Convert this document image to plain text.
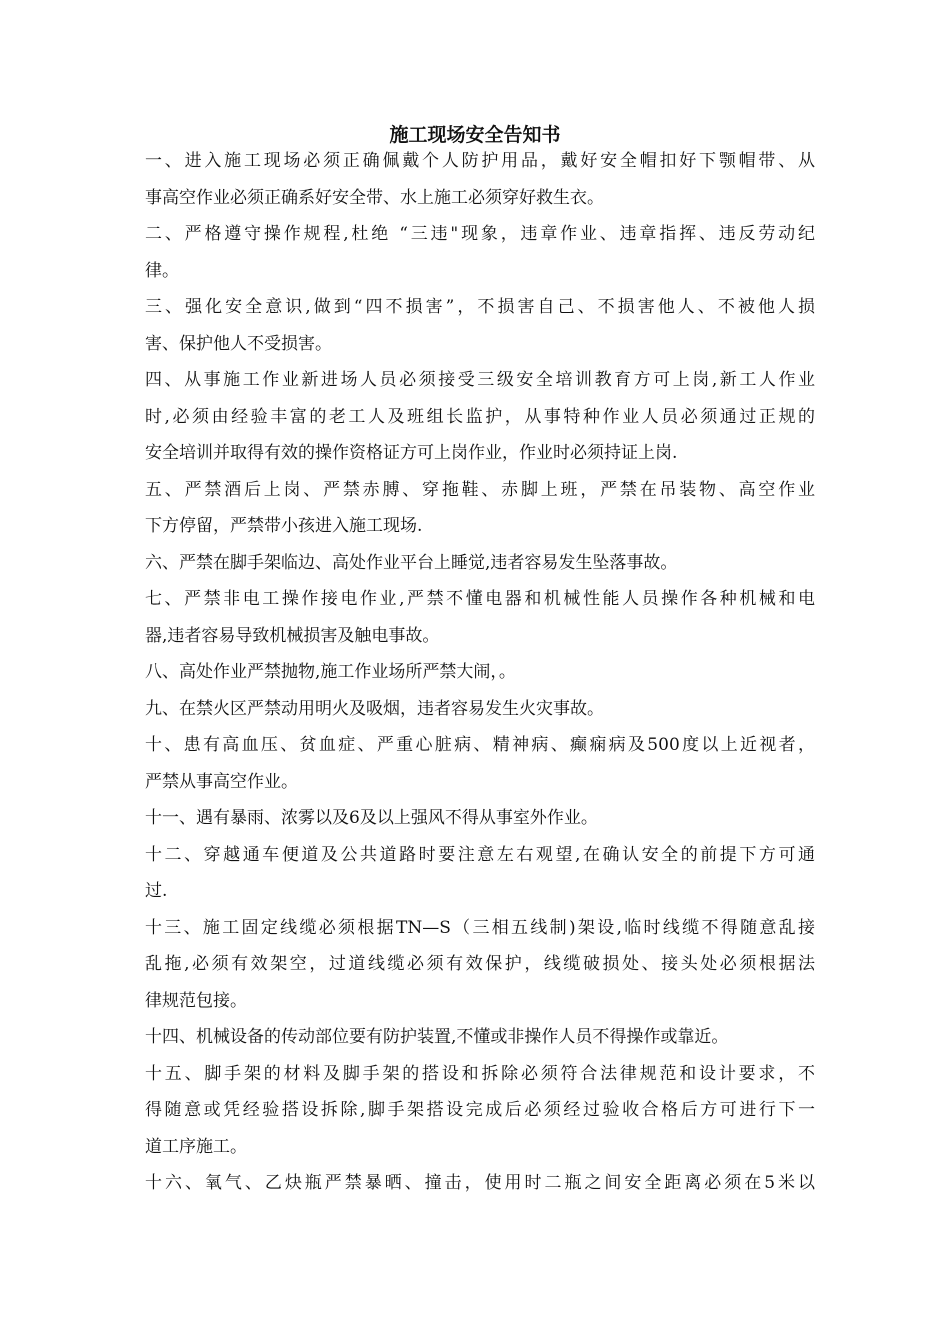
施工现场安全告知书
一、进入施工现场必须正确佩戴个人防护用品，戴好安全帽扣好下颚帽带、从
事高空作业必须正确系好安全带、水上施工必须穿好救生衣。
二、严格遵守操作规程,杜绝 “三违"现象，违章作业、违章指挥、违反劳动纪
律。
三、强化安全意识,做到“四不损害”，不损害自己、不损害他人、不被他人损
害、保护他人不受损害。
四、从事施工作业新进场人员必须接受三级安全培训教育方可上岗,新工人作业
时,必须由经验丰富的老工人及班组长监护，从事特种作业人员必须通过正规的
安全培训并取得有效的操作资格证方可上岗作业，作业时必须持证上岗.
五、严禁酒后上岗、严禁赤膊、穿拖鞋、赤脚上班，严禁在吊装物、高空作业
下方停留，严禁带小孩进入施工现场.
六、严禁在脚手架临边、高处作业平台上睡觉,违者容易发生坠落事故。
七、严禁非电工操作接电作业,严禁不懂电器和机械性能人员操作各种机械和电
器,违者容易导致机械损害及触电事故。
八、高处作业严禁抛物,施工作业场所严禁大闹，。
九、在禁火区严禁动用明火及吸烟，违者容易发生火灾事故。
十、患有高血压、贫血症、严重心脏病、精神病、癫痫病及500度以上近视者，
严禁从事高空作业。
十一、遇有暴雨、浓雾以及6及以上强风不得从事室外作业。
十二、穿越通车便道及公共道路时要注意左右观望,在确认安全的前提下方可通
过.
十三、施工固定线缆必须根据TN—S（三相五线制)架设,临时线缆不得随意乱接
乱拖,必须有效架空，过道线缆必须有效保护，线缆破损处、接头处必须根据法
律规范包接。
十四、机械设备的传动部位要有防护装置,不懂或非操作人员不得操作或靠近。
十五、脚手架的材料及脚手架的搭设和拆除必须符合法律规范和设计要求，不
得随意或凭经验搭设拆除,脚手架搭设完成后必须经过验收合格后方可进行下一
道工序施工。
十六、氧气、乙炔瓶严禁暴晒、撞击，使用时二瓶之间安全距离必须在5米以
